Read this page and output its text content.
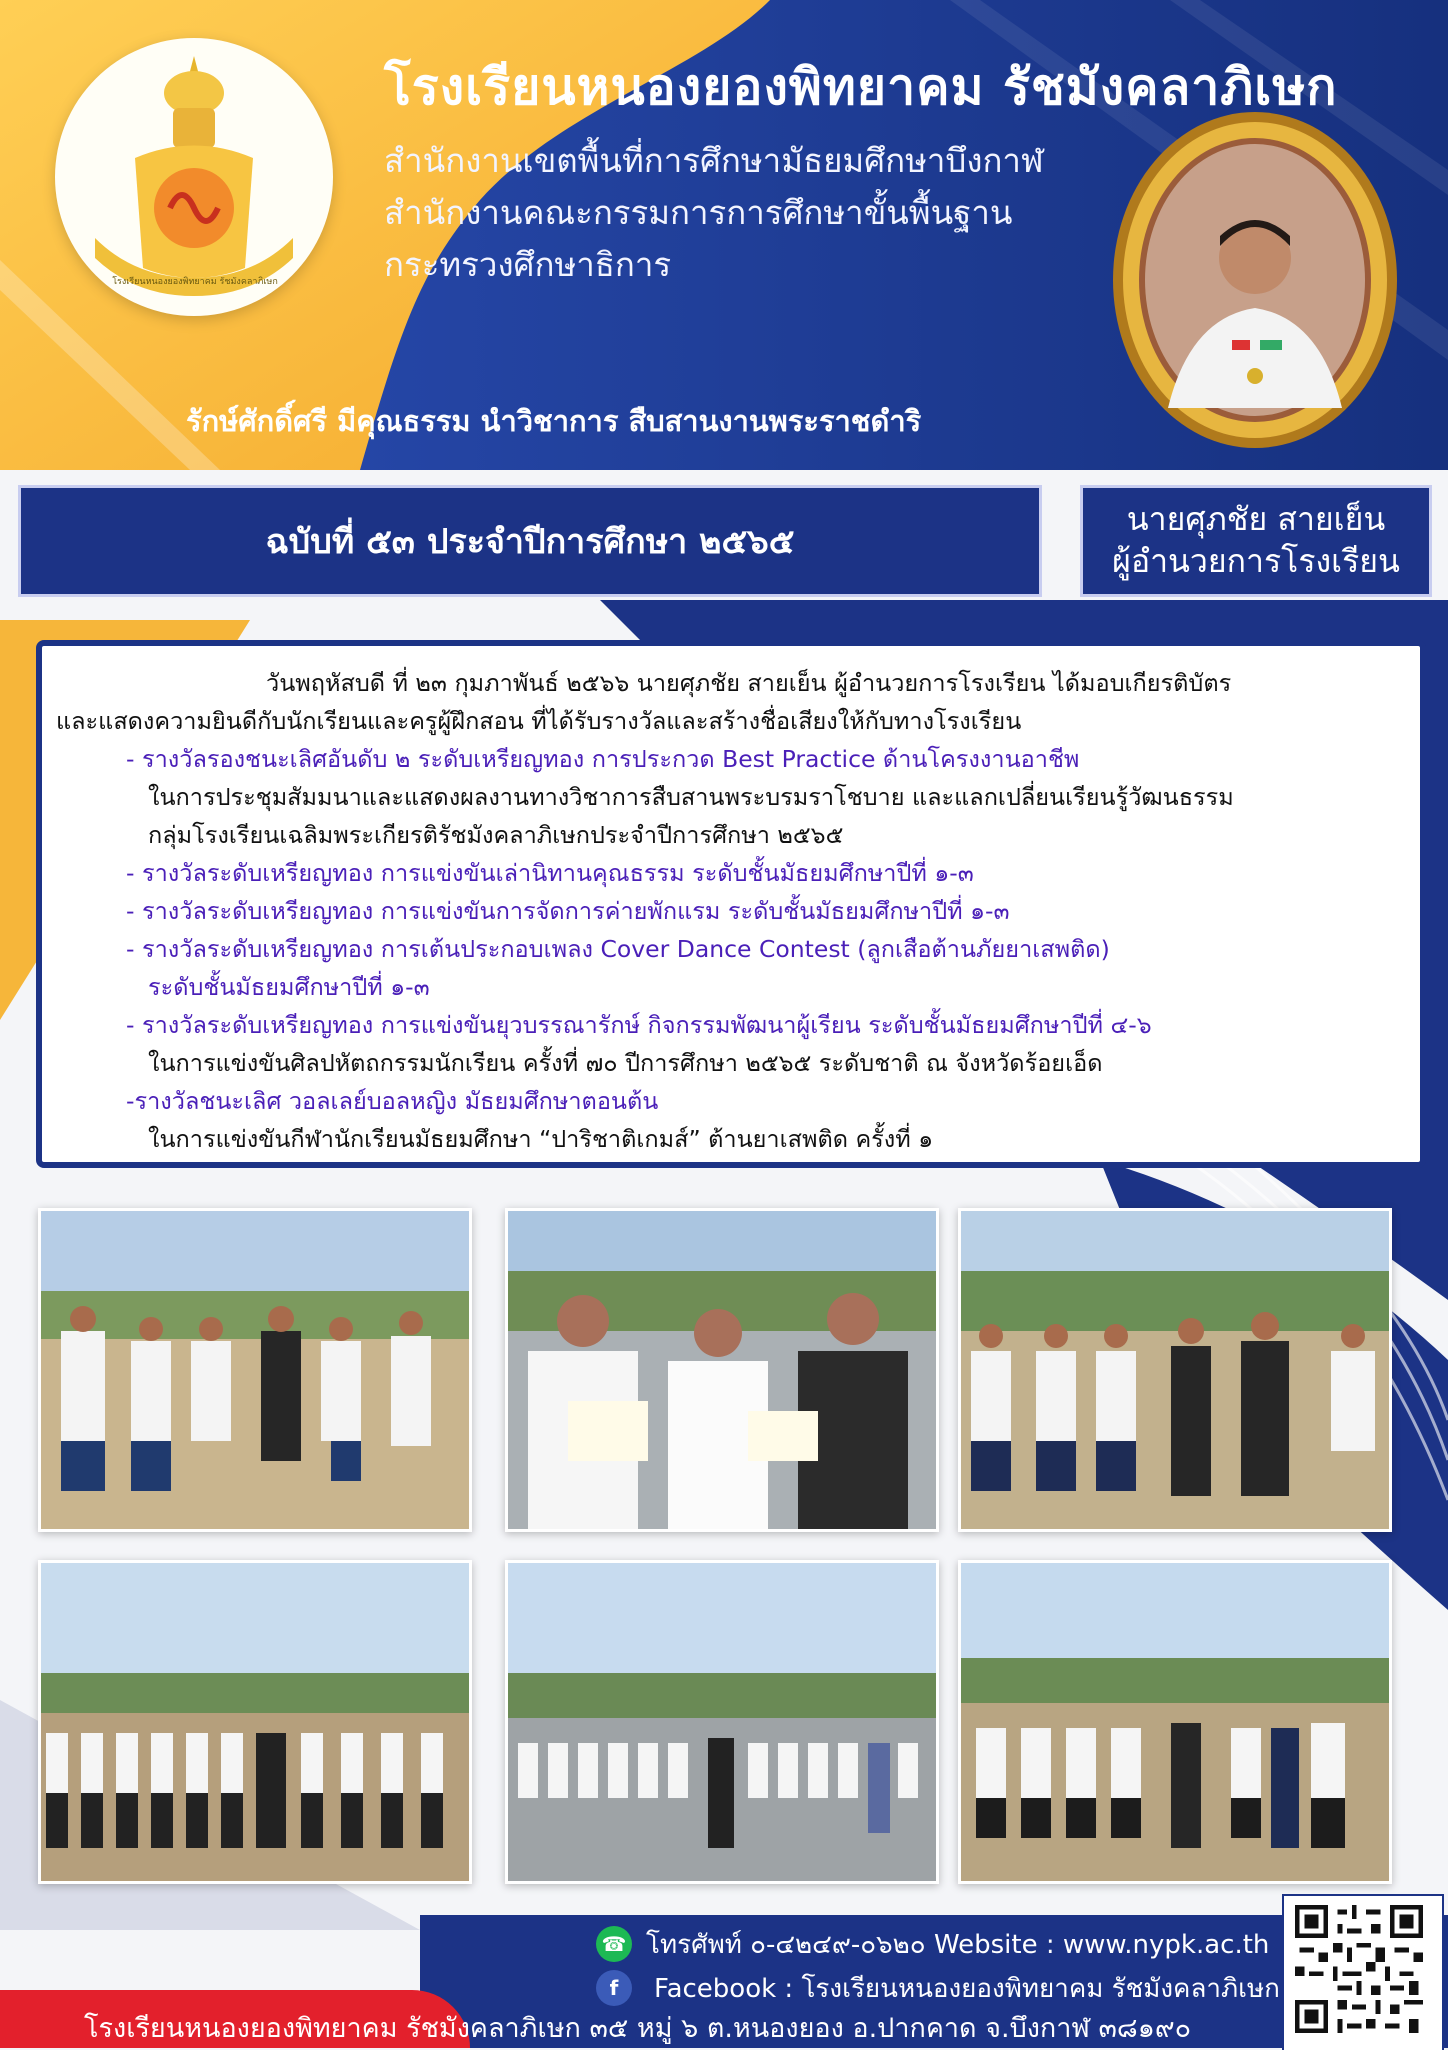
โรงเรียนหนองยองพิทยาคม รัชมังคลาภิเษก
โรงเรียนหนองยองพิทยาคม รัชมังคลาภิเษก
สำนักงานเขตพื้นที่การศึกษามัธยมศึกษาบึงกาฬ
สำนักงานคณะกรรมการการศึกษาขั้นพื้นฐาน
กระทรวงศึกษาธิการ
รักษ์ศักดิ์ศรี มีคุณธรรม นำวิชาการ สืบสานงานพระราชดำริ
ฉบับที่ ๕๓ ประจำปีการศึกษา ๒๕๖๕
นายศุภชัย สายเย็น
ผู้อำนวยการโรงเรียน

วันพฤหัสบดี ที่ ๒๓ กุมภาพันธ์ ๒๕๖๖ นายศุภชัย สายเย็น ผู้อำนวยการโรงเรียน ได้มอบเกียรติบัตร

และแสดงความยินดีกับนักเรียนและครูผู้ฝึกสอน ที่ได้รับรางวัลและสร้างชื่อเสียงให้กับทางโรงเรียน

- รางวัลรองชนะเลิศอันดับ ๒ ระดับเหรียญทอง การประกวด Best Practice ด้านโครงงานอาชีพ

ในการประชุมสัมมนาและแสดงผลงานทางวิชาการสืบสานพระบรมราโชบาย และแลกเปลี่ยนเรียนรู้วัฒนธรรม

กลุ่มโรงเรียนเฉลิมพระเกียรติรัชมังคลาภิเษกประจำปีการศึกษา ๒๕๖๕

- รางวัลระดับเหรียญทอง การแข่งขันเล่านิทานคุณธรรม ระดับชั้นมัธยมศึกษาปีที่ ๑-๓

- รางวัลระดับเหรียญทอง การแข่งขันการจัดการค่ายพักแรม ระดับชั้นมัธยมศึกษาปีที่ ๑-๓

- รางวัลระดับเหรียญทอง การเต้นประกอบเพลง Cover Dance Contest (ลูกเสือต้านภัยยาเสพติด)

ระดับชั้นมัธยมศึกษาปีที่ ๑-๓

- รางวัลระดับเหรียญทอง การแข่งขันยุวบรรณารักษ์ กิจกรรมพัฒนาผู้เรียน ระดับชั้นมัธยมศึกษาปีที่ ๔-๖

ในการแข่งขันศิลปหัตถกรรมนักเรียน ครั้งที่ ๗๐ ปีการศึกษา ๒๕๖๕ ระดับชาติ ณ จังหวัดร้อยเอ็ด

-รางวัลชนะเลิศ วอลเลย์บอลหญิง มัธยมศึกษาตอนต้น

ในการแข่งขันกีฬานักเรียนมัธยมศึกษา “ปาริชาติเกมส์” ต้านยาเสพติด ครั้งที่ ๑

☎ โทรศัพท์ ๐-๔๒๔๙-๐๖๒๐ Website : www.nypk.ac.th
f	Facebook : โรงเรียนหนองยองพิทยาคม รัชมังคลาภิเษก
โรงเรียนหนองยองพิทยาคม รัชมังคลาภิเษก ๓๕ หมู่ ๖ ต.หนองยอง อ.ปากคาด จ.บึงกาฬ ๓๘๑๙๐
